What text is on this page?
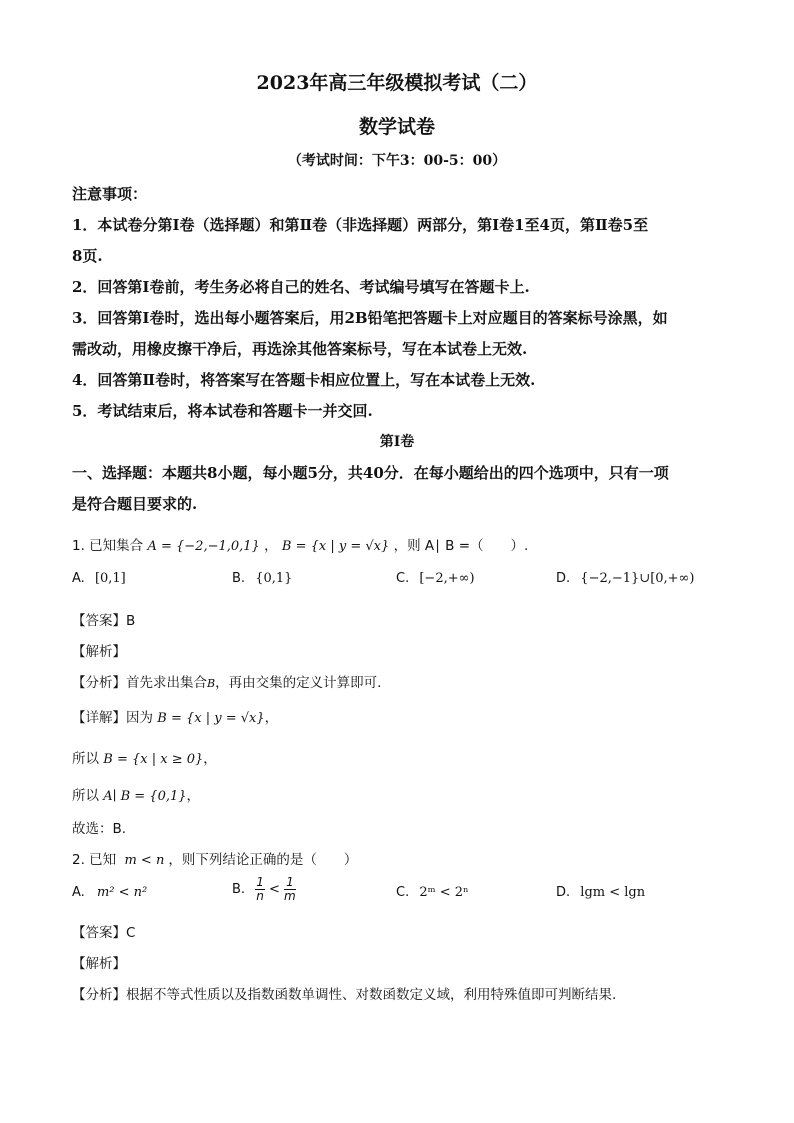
2023年高三年级模拟考试（二）
数学试卷
（考试时间：下午3：00-5：00）
注意事项：
1．本试卷分第Ⅰ卷（选择题）和第Ⅱ卷（非选择题）两部分，第Ⅰ卷1至4页，第Ⅱ卷5至
8页.
2．回答第Ⅰ卷前，考生务必将自己的姓名、考试编号填写在答题卡上.
3．回答第Ⅰ卷时，选出每小题答案后，用2B铅笔把答题卡上对应题目的答案标号涂黑，如
需改动，用橡皮擦干净后，再选涂其他答案标号，写在本试卷上无效.
4．回答第Ⅱ卷时，将答案写在答题卡相应位置上，写在本试卷上无效.
5．考试结束后，将本试卷和答题卡一并交回.
第Ⅰ卷
一、选择题：本题共8小题，每小题5分，共40分．在每小题给出的四个选项中，只有一项
是符合题目要求的.
1. 已知集合 A = {−2,−1,0,1} ， B = {x | y = √x} ，则 A∣ B =（　　）.
A. [0,1]	B. {0,1}	C. [−2,+∞)	D. {−2,−1}∪[0,+∞)
【答案】B
【解析】
【分析】首先求出集合B，再由交集的定义计算即可.
【详解】因为 B = {x | y = √x}，
所以 B = {x | x ≥ 0}，
所以 A∣ B = {0,1}，
故选：B.
2. 已知 m < n ，则下列结论正确的是（　　）
A. m² < n²	B. $\frac{1}{n} < \frac{1}{m}$	C. 2ᵐ < 2ⁿ	D. lgm < lgn
【答案】C
【解析】
【分析】根据不等式性质以及指数函数单调性、对数函数定义域，利用特殊值即可判断结果.
